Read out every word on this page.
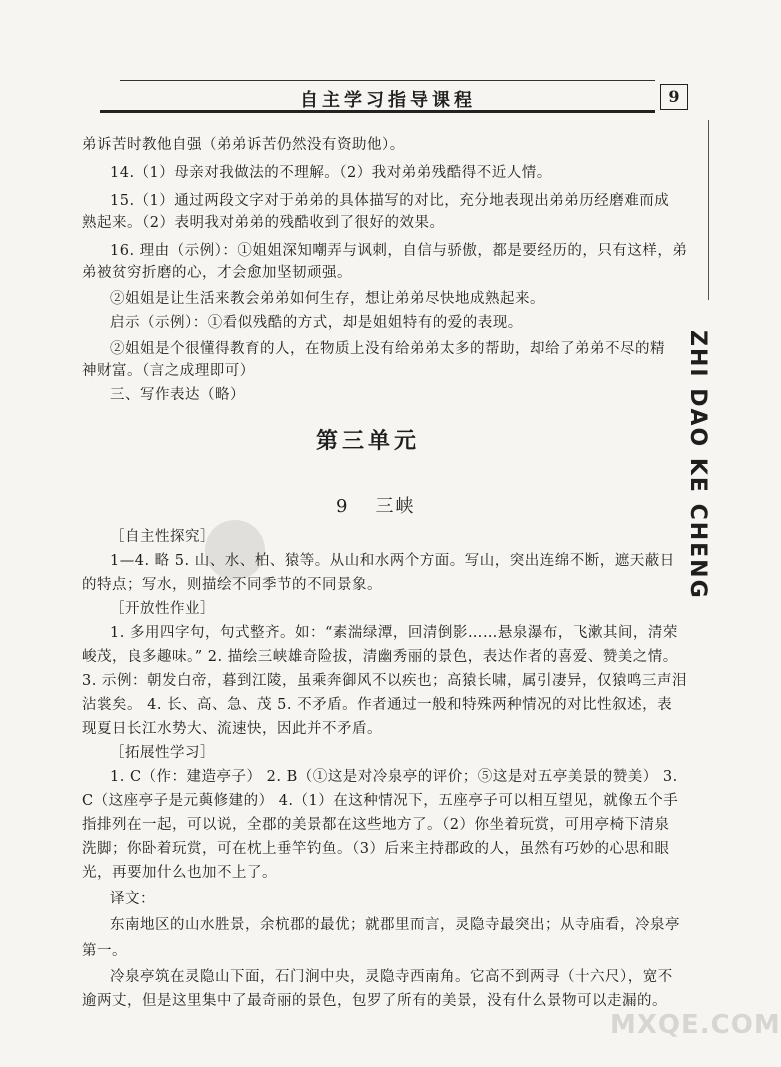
自主学习指导课程	9
ZHI DAO KE CHENG
弟诉苦时教他自强（弟弟诉苦仍然没有资助他）。
14.（1）母亲对我做法的不理解。（2）我对弟弟残酷得不近人情。
15.（1）通过两段文字对于弟弟的具体描写的对比，充分地表现出弟弟历经磨难而成
熟起来。（2）表明我对弟弟的残酷收到了很好的效果。
16. 理由（示例）：①姐姐深知嘲弄与讽刺，自信与骄傲，都是要经历的，只有这样，弟
弟被贫穷折磨的心，才会愈加坚韧顽强。
②姐姐是让生活来教会弟弟如何生存，想让弟弟尽快地成熟起来。
启示（示例）：①看似残酷的方式，却是姐姐特有的爱的表现。
②姐姐是个很懂得教育的人，在物质上没有给弟弟太多的帮助，却给了弟弟不尽的精
神财富。（言之成理即可）
三、写作表达（略）
第三单元
9 三峡
［自主性探究］
1—4. 略 5. 山、水、柏、猿等。从山和水两个方面。写山，突出连绵不断，遮天蔽日
的特点；写水，则描绘不同季节的不同景象。
［开放性作业］
1. 多用四字句，句式整齐。如：“素湍绿潭，回清倒影……悬泉瀑布，飞漱其间，清荣
峻茂，良多趣味。” 2. 描绘三峡雄奇险拔，清幽秀丽的景色，表达作者的喜爱、赞美之情。
3. 示例：朝发白帝，暮到江陵，虽乘奔御风不以疾也；高猿长啸，属引凄异，仅猿鸣三声泪
沾裳矣。 4. 长、高、急、茂 5. 不矛盾。作者通过一般和特殊两种情况的对比性叙述，表
现夏日长江水势大、流速快，因此并不矛盾。
［拓展性学习］
1. C（作：建造亭子） 2. B（①这是对冷泉亭的评价；⑤这是对五亭美景的赞美） 3.
C（这座亭子是元藇修建的） 4.（1）在这种情况下，五座亭子可以相互望见，就像五个手
指排列在一起，可以说，全郡的美景都在这些地方了。（2）你坐着玩赏，可用亭椅下清泉
洗脚；你卧着玩赏，可在枕上垂竿钓鱼。（3）后来主持郡政的人，虽然有巧妙的心思和眼
光，再要加什么也加不上了。
译文：
东南地区的山水胜景，余杭郡的最优；就郡里而言，灵隐寺最突出；从寺庙看，冷泉亭
第一。
冷泉亭筑在灵隐山下面，石门涧中央，灵隐寺西南角。它高不到两寻（十六尺），宽不
逾两丈，但是这里集中了最奇丽的景色，包罗了所有的美景，没有什么景物可以走漏的。
MXQE.COM
